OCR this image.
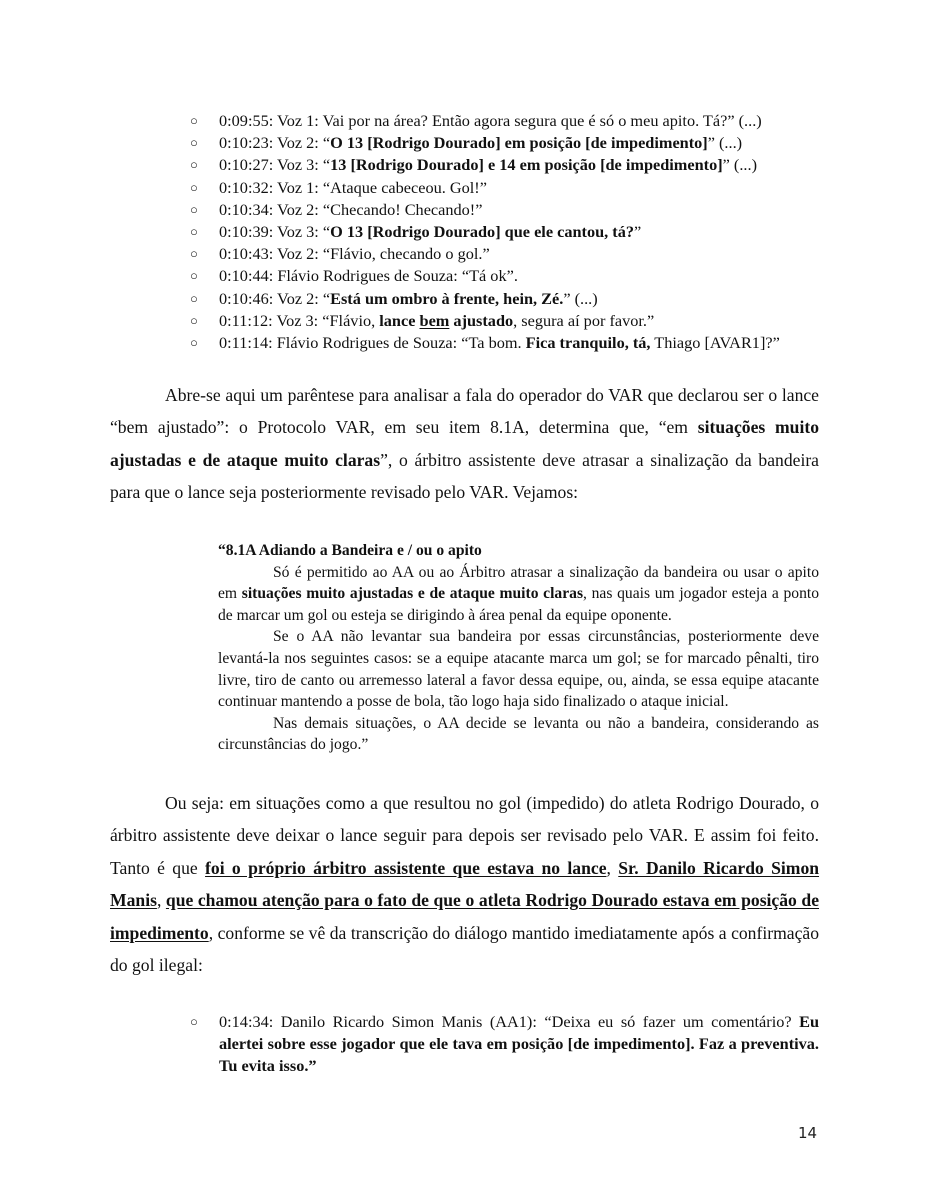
○ 0:09:55: Voz 1: Vai por na área? Então agora segura que é só o meu apito. Tá?” (...)
○ 0:10:23: Voz 2: “O 13 [Rodrigo Dourado] em posição [de impedimento]” (...)
○ 0:10:27: Voz 3: “13 [Rodrigo Dourado] e 14 em posição [de impedimento]” (...)
○ 0:10:32: Voz 1: “Ataque cabeceou. Gol!”
○ 0:10:34: Voz 2: “Checando! Checando!”
○ 0:10:39: Voz 3: “O 13 [Rodrigo Dourado] que ele cantou, tá?”
○ 0:10:43: Voz 2: “Flávio, checando o gol.”
○ 0:10:44: Flávio Rodrigues de Souza: “Tá ok”.
○ 0:10:46: Voz 2: “Está um ombro à frente, hein, Zé.” (...)
○ 0:11:12: Voz 3: “Flávio, lance bem ajustado, segura aí por favor.”
○ 0:11:14: Flávio Rodrigues de Souza: “Ta bom. Fica tranquilo, tá, Thiago [AVAR1]?”

Abre-se aqui um parêntese para analisar a fala do operador do VAR que declarou ser o lance “bem ajustado”: o Protocolo VAR, em seu item 8.1A, determina que, “em situações muito ajustadas e de ataque muito claras”, o árbitro assistente deve atrasar a sinalização da bandeira para que o lance seja posteriormente revisado pelo VAR. Vejamos:

“8.1A Adiando a Bandeira e / ou o apito

Só é permitido ao AA ou ao Árbitro atrasar a sinalização da bandeira ou usar o apito em situações muito ajustadas e de ataque muito claras, nas quais um jogador esteja a ponto de marcar um gol ou esteja se dirigindo à área penal da equipe oponente.

Se o AA não levantar sua bandeira por essas circunstâncias, posteriormente deve levantá-la nos seguintes casos: se a equipe atacante marca um gol; se for marcado pênalti, tiro livre, tiro de canto ou arremesso lateral a favor dessa equipe, ou, ainda, se essa equipe atacante continuar mantendo a posse de bola, tão logo haja sido finalizado o ataque inicial.

Nas demais situações, o AA decide se levanta ou não a bandeira, considerando as circunstâncias do jogo.”

Ou seja: em situações como a que resultou no gol (impedido) do atleta Rodrigo Dourado, o árbitro assistente deve deixar o lance seguir para depois ser revisado pelo VAR. E assim foi feito. Tanto é que foi o próprio árbitro assistente que estava no lance, Sr. Danilo Ricardo Simon Manis, que chamou atenção para o fato de que o atleta Rodrigo Dourado estava em posição de impedimento, conforme se vê da transcrição do diálogo mantido imediatamente após a confirmação do gol ilegal:

○	0:14:34: Danilo Ricardo Simon Manis (AA1): “Deixa eu só fazer um comentário? Eu alertei sobre esse jogador que ele tava em posição [de impedimento]. Faz a preventiva. Tu evita isso.”
14
